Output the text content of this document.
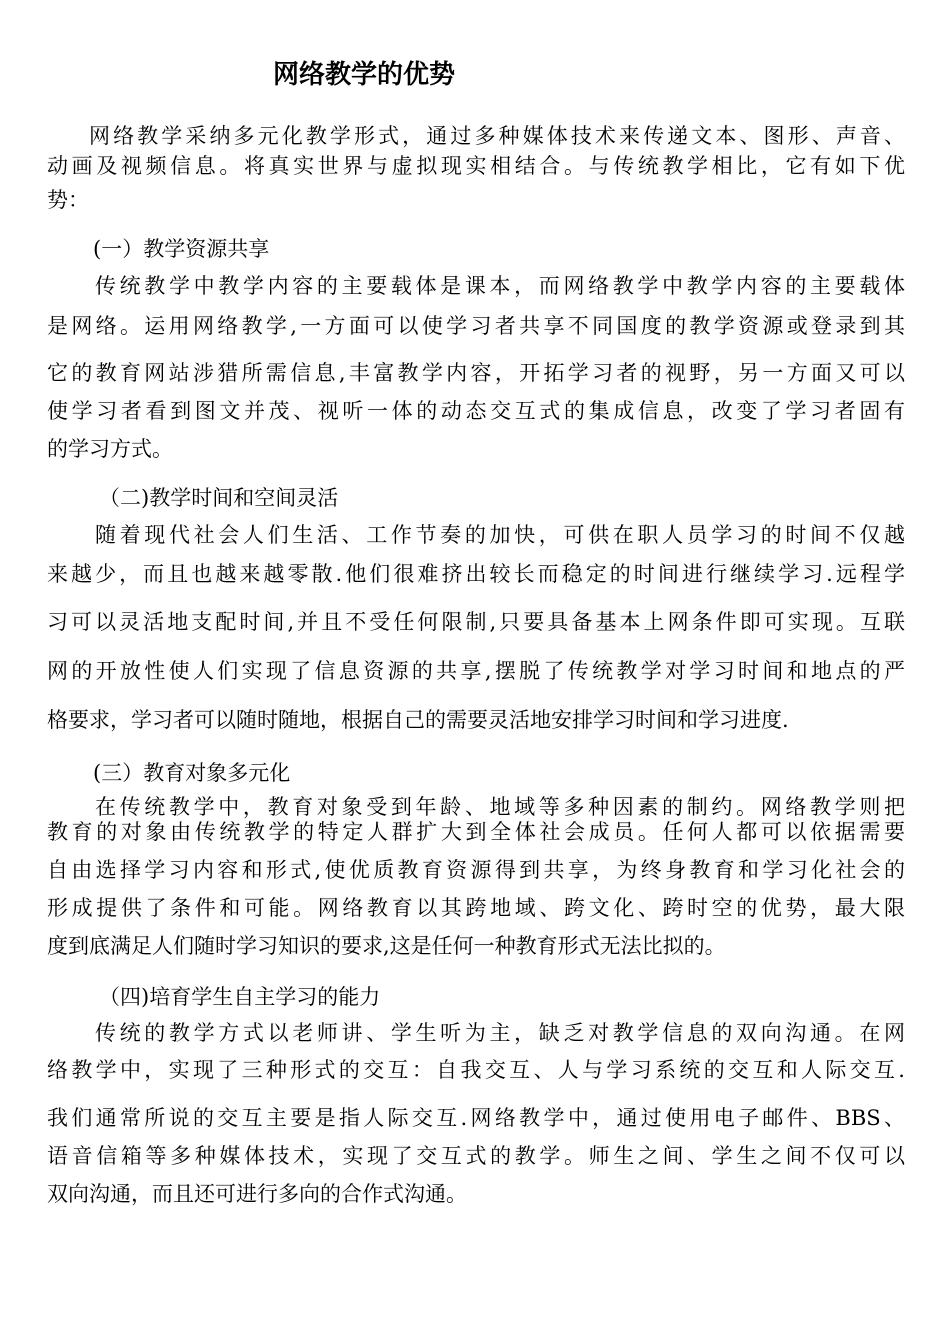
网络教学的优势
网络教学采纳多元化教学形式，通过多种媒体技术来传递文本、图形、声音、
动画及视频信息。将真实世界与虚拟现实相结合。与传统教学相比，它有如下优
势：
(一）教学资源共享
传统教学中教学内容的主要载体是课本，而网络教学中教学内容的主要载体
是网络。运用网络教学,一方面可以使学习者共享不同国度的教学资源或登录到其
它的教育网站涉猎所需信息,丰富教学内容，开拓学习者的视野，另一方面又可以
使学习者看到图文并茂、视听一体的动态交互式的集成信息，改变了学习者固有
的学习方式。
（二)教学时间和空间灵活
随着现代社会人们生活、工作节奏的加快，可供在职人员学习的时间不仅越
来越少，而且也越来越零散.他们很难挤出较长而稳定的时间进行继续学习.远程学
习可以灵活地支配时间,并且不受任何限制,只要具备基本上网条件即可实现。互联
网的开放性使人们实现了信息资源的共享,摆脱了传统教学对学习时间和地点的严
格要求，学习者可以随时随地，根据自己的需要灵活地安排学习时间和学习进度.
(三）教育对象多元化
在传统教学中，教育对象受到年龄、地域等多种因素的制约。网络教学则把
教育的对象由传统教学的特定人群扩大到全体社会成员。任何人都可以依据需要
自由选择学习内容和形式,使优质教育资源得到共享，为终身教育和学习化社会的
形成提供了条件和可能。网络教育以其跨地域、跨文化、跨时空的优势，最大限
度到底满足人们随时学习知识的要求,这是任何一种教育形式无法比拟的。
（四)培育学生自主学习的能力
传统的教学方式以老师讲、学生听为主，缺乏对教学信息的双向沟通。在网
络教学中，实现了三种形式的交互：自我交互、人与学习系统的交互和人际交互.
我们通常所说的交互主要是指人际交互.网络教学中，通过使用电子邮件、BBS、
语音信箱等多种媒体技术，实现了交互式的教学。师生之间、学生之间不仅可以
双向沟通，而且还可进行多向的合作式沟通。
